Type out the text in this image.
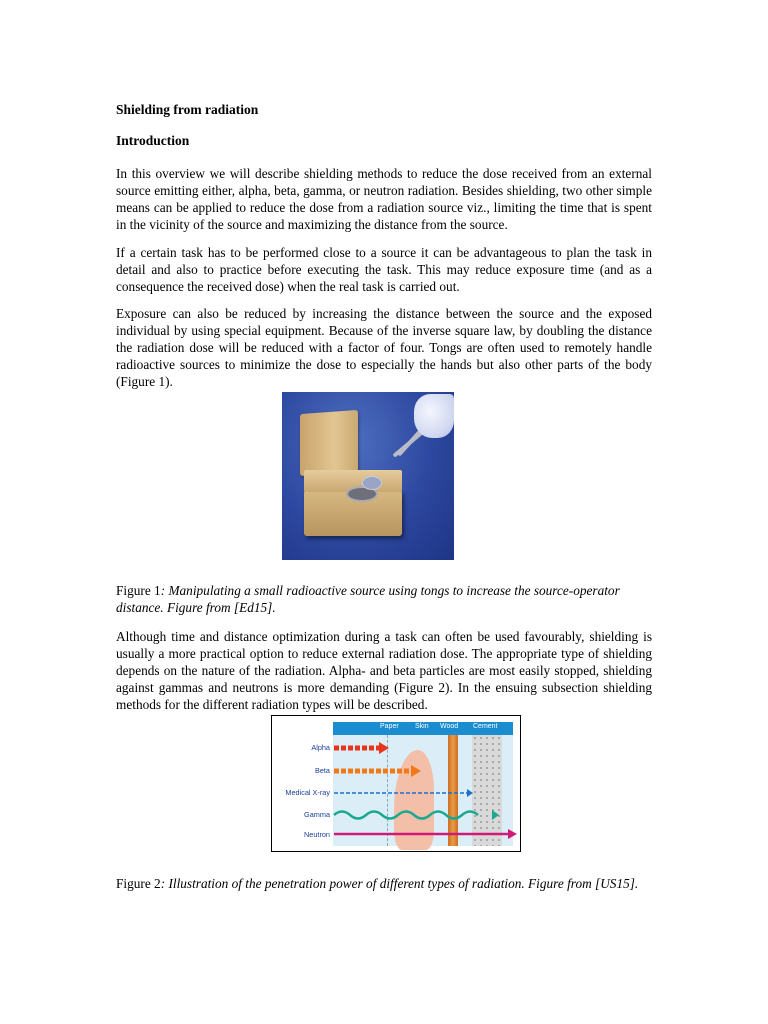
Shielding from radiation
Introduction

In this overview we will describe shielding methods to reduce the dose received from an external source emitting either, alpha, beta, gamma, or neutron radiation. Besides shielding, two other simple means can be applied to reduce the dose from a radiation source viz., limiting the time that is spent in the vicinity of the source and maximizing the distance from the source.

If a certain task has to be performed close to a source it can be advantageous to plan the task in detail and also to practice before executing the task. This may reduce exposure time (and as a consequence the received dose) when the real task is carried out.

Exposure can also be reduced by increasing the distance between the source and the exposed individual by using special equipment. Because of the inverse square law, by doubling the distance the radiation dose will be reduced with a factor of four. Tongs are often used to remotely handle radioactive sources to minimize the dose to especially the hands but also other parts of the body (Figure 1).

Figure 1: Manipulating a small radioactive source using tongs to increase the source-operator distance. Figure from [Ed15].

Although time and distance optimization during a task can often be used favourably, shielding is usually a more practical option to reduce external radiation dose. The appropriate type of shielding depends on the nature of the radiation. Alpha- and beta particles are most easily stopped, shielding against gammas and neutrons is more demanding (Figure 2). In the ensuing subsection shielding methods for the different radiation types will be described.

Figure 2: Illustration of the penetration power of different types of radiation. Figure from [US15].

Paper Skin Wood Cement
Alpha
Beta
Medical X-ray
Gamma
Neutron
